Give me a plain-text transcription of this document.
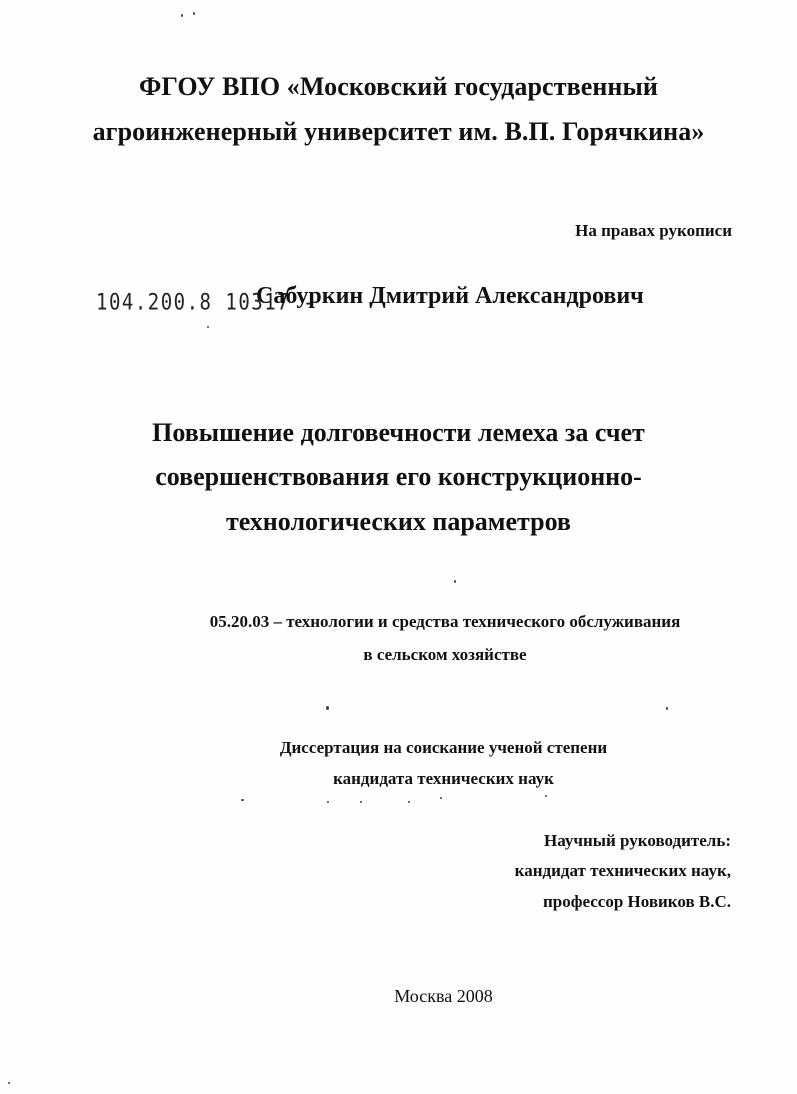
ФГОУ ВПО «Московский государственный
агроинженерный университет им. В.П. Горячкина»
На правах рукописи
104.200.8 10317 -
Сабуркин Дмитрий Александрович
Повышение долговечности лемеха за счет
совершенствования его конструкционно-
технологических параметров
05.20.03 – технологии и средства технического обслуживания
в сельском хозяйстве
Диссертация на соискание ученой степени
кандидата технических наук
Научный руководитель:
кандидат технических наук,
профессор Новиков В.С.
Москва 2008
